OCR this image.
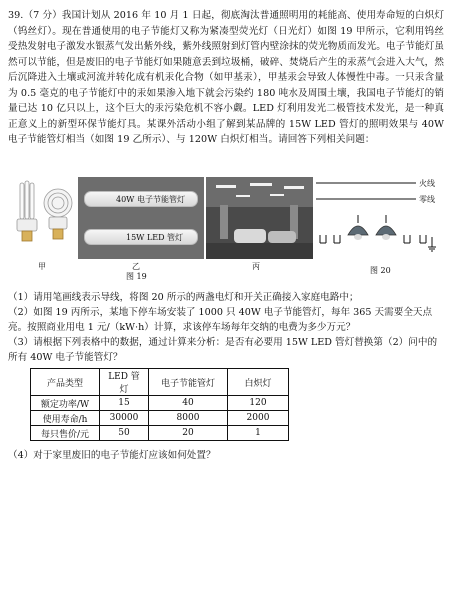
39.（7 分）我国计划从 2016 年 10 月 1 日起，彻底淘汰普通照明用的耗能高、使用寿命短的白炽灯（钨丝灯）。现在普通使用的电子节能灯又称为紧凑型荧光灯（日光灯）如图 19 甲所示，它利用钨丝受热发射电子激发水银蒸气发出紫外线，紫外线照射到灯管内壁涂抹的荧光物质而发光。电子节能灯虽然可以节能，但是废旧的电子节能灯如果随意丢到垃圾桶，破碎、焚烧后产生的汞蒸气会进入大气，然后沉降进入土壤或河流并转化成有机汞化合物（如甲基汞），甲基汞会导致人体慢性中毒。一只汞含量为 0.5 毫克的电子节能灯中的汞如果渗入地下就会污染约 180 吨水及周围土壤，我国电子节能灯的销量已达 10 亿只以上，这个巨大的汞污染危机不容小觑。LED 灯利用发光二极管技术发光，是一种真正意义上的新型环保节能灯具。某课外活动小组了解到某品牌的 15W LED 管灯的照明效果与 40W 电子节能管灯相当（如图 19 乙所示）、与 120W 白炽灯相当。请回答下列相关问题：
40W 电子节能管灯
15W LED 管灯
火线
零线
甲	乙	丙
图 19
图 20
（1）请用笔画线表示导线，将图 20 所示的两盏电灯和开关正确接入家庭电路中；
（2）如图 19 丙所示，某地下停车场安装了 1000 只 40W 电子节能管灯，每年 365 天需要全天点亮。按照商业用电 1 元/（kW·h）计算，求该停车场每年交纳的电费为多少万元？
（3）请根据下列表格中的数据，通过计算来分析：是否有必要用 15W LED 管灯替换第（2）问中的所有 40W 电子节能管灯？
产品类型	LED 管灯	电子节能管灯	白炽灯
额定功率/W	15	40	120
使用寿命/h	30000	8000	2000
每只售价/元	50	20	1
（4）对于家里废旧的电子节能灯应该如何处置？
